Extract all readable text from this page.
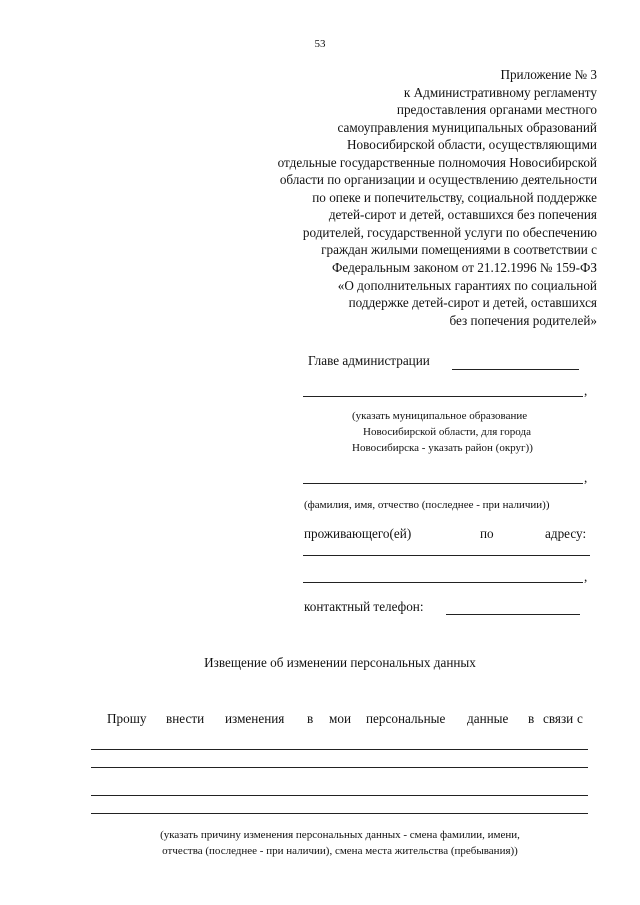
53
Приложение № 3
к Административному регламенту
предоставления органами местного
самоуправления муниципальных образований
Новосибирской области, осуществляющими
отдельные государственные полномочия Новосибирской
области по организации и осуществлению деятельности
по опеке и попечительству, социальной поддержке
детей-сирот и детей, оставшихся без попечения
родителей, государственной услуги по обеспечению
граждан жилыми помещениями в соответствии с
Федеральным законом от 21.12.1996 № 159-ФЗ
«О дополнительных гарантиях по социальной
поддержке детей-сирот и детей, оставшихся
без попечения родителей»
Главе администрации
,
(указать муниципальное образование
Новосибирской области, для города
Новосибирска - указать район (округ))
,
(фамилия, имя, отчество (последнее - при наличии))
проживающего(ей)	по	адресу:
,
контактный телефон:
Извещение об изменении персональных данных
Прошу внести изменения в мои персональные данные в связи с
(указать причину изменения персональных данных - смена фамилии, имени,
отчества (последнее - при наличии), смена места жительства (пребывания))
